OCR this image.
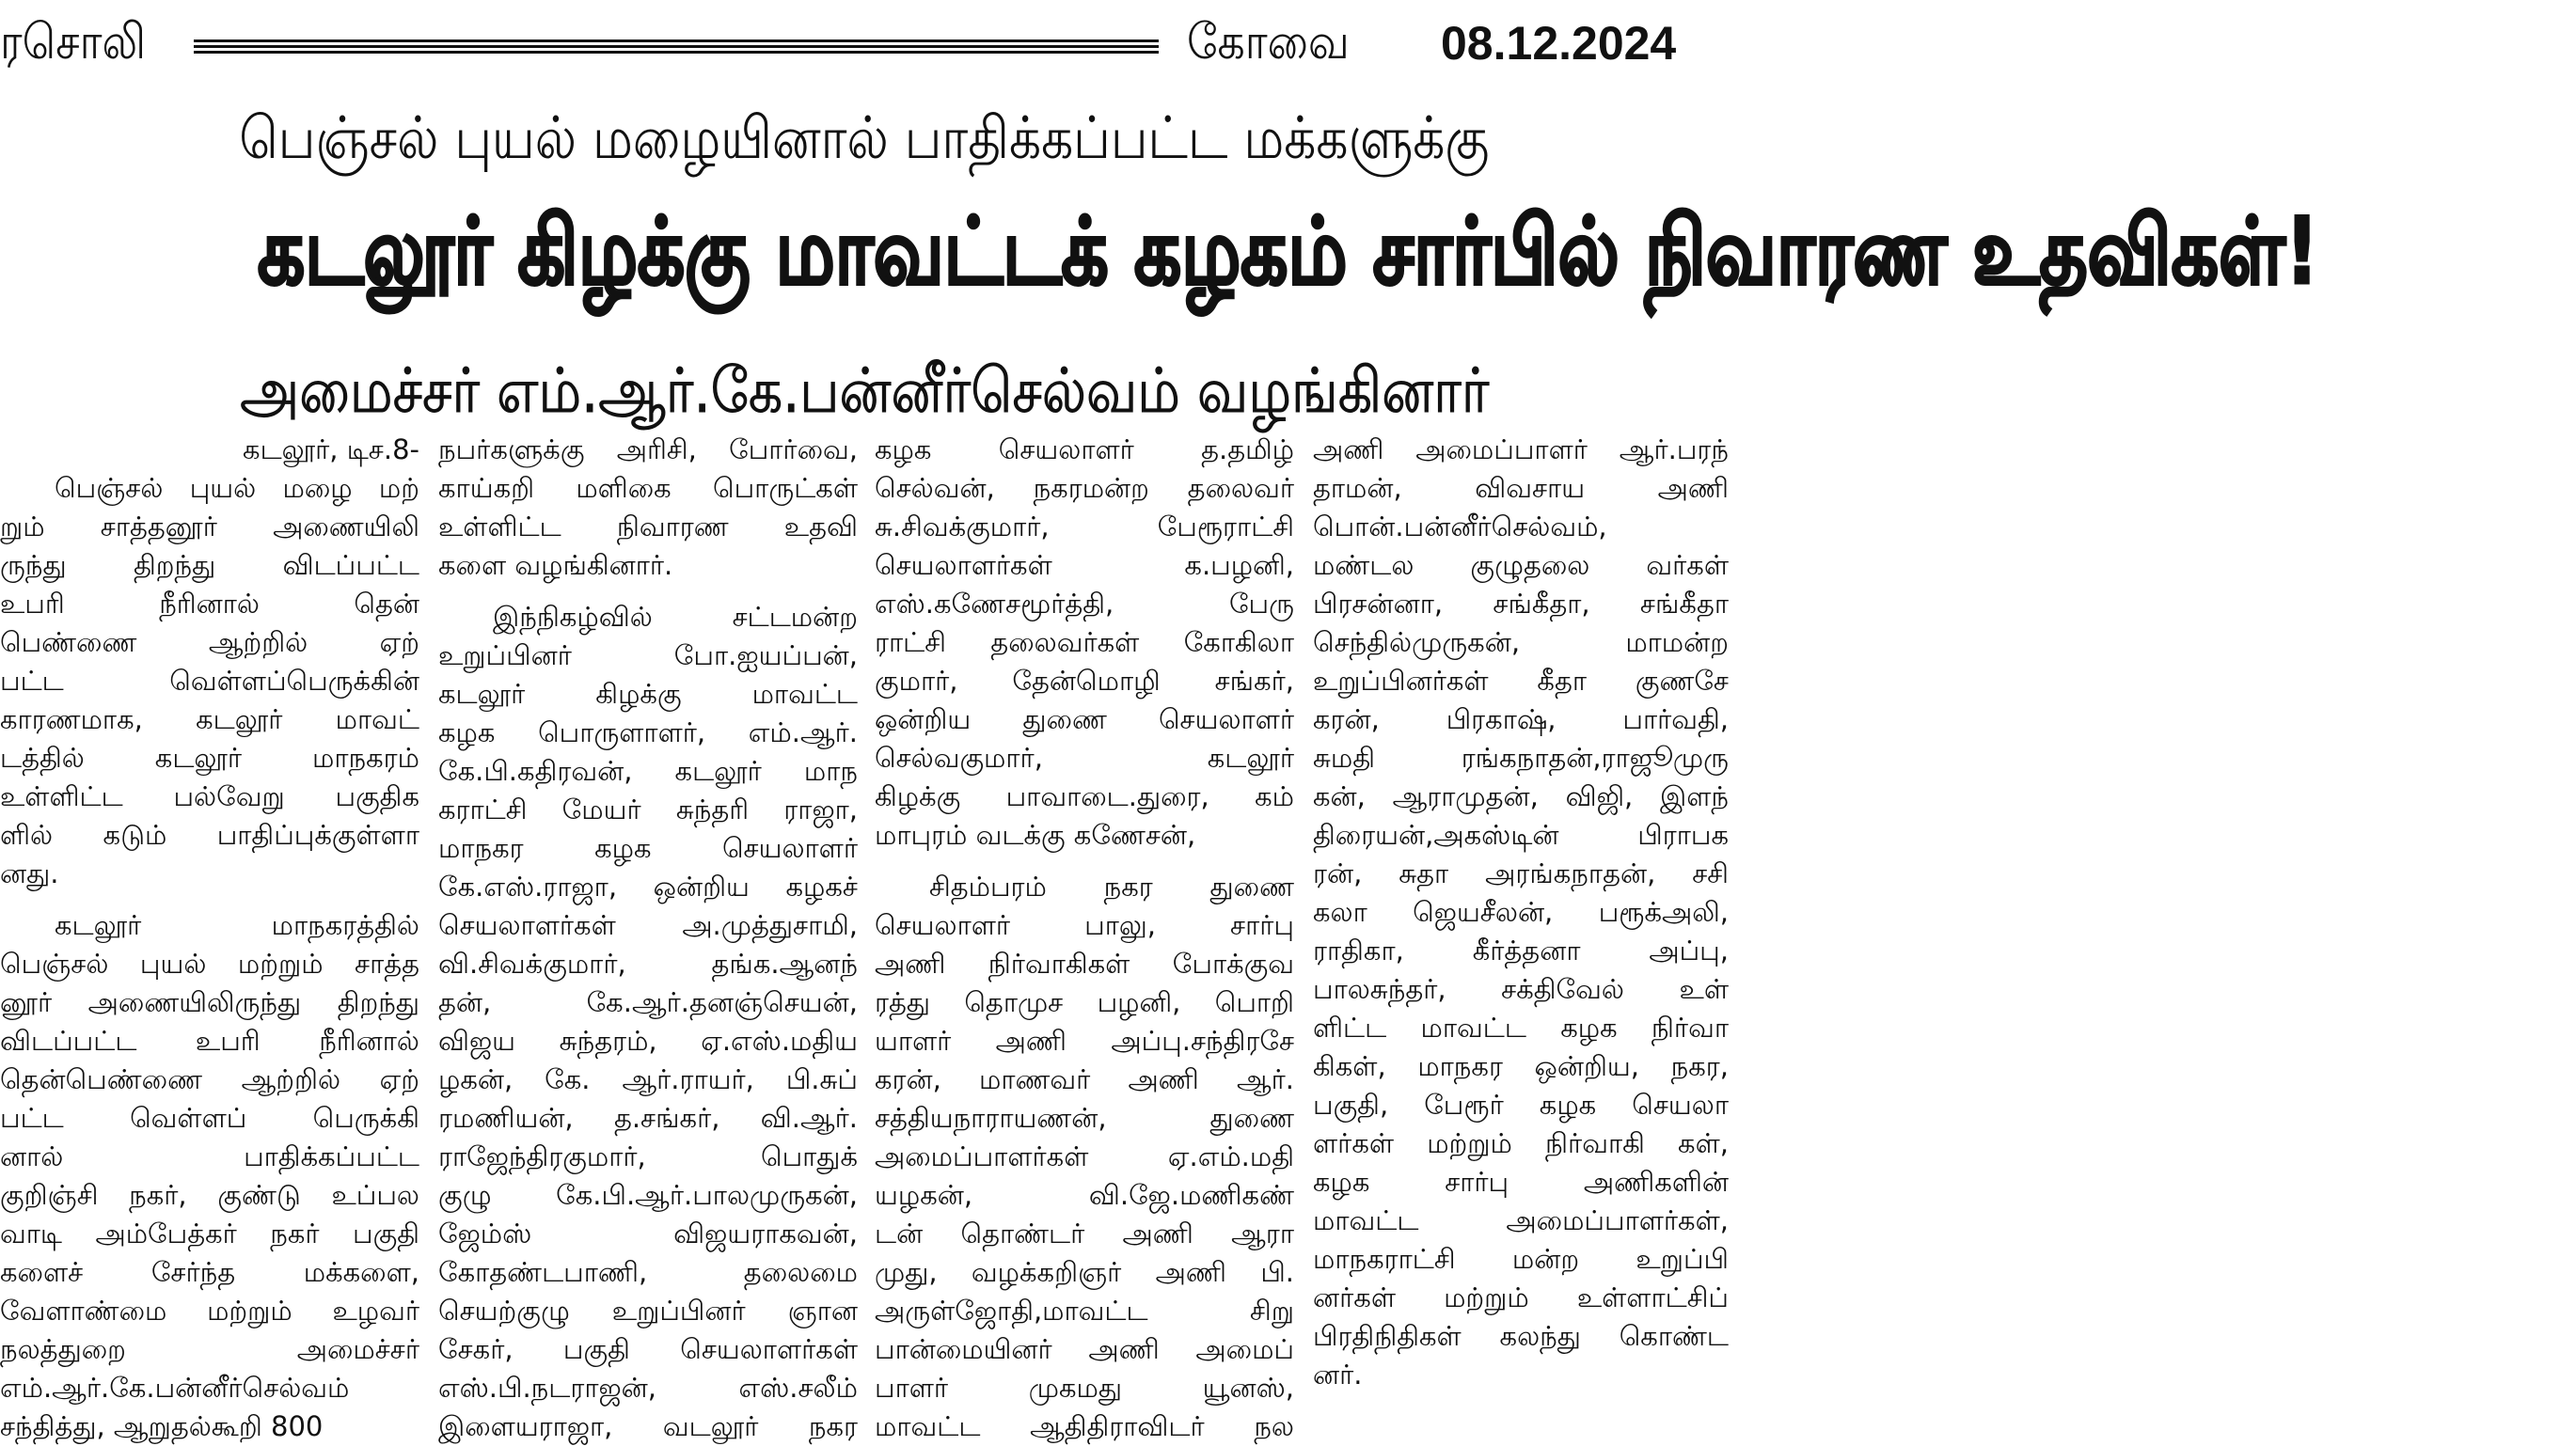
ரசொலி	கோவை 08.12.2024
பெஞ்சல் புயல் மழையினால் பாதிக்கப்பட்ட மக்களுக்கு
கடலூர் கிழக்கு மாவட்டக் கழகம் சார்பில் நிவாரண உதவிகள்!
அமைச்சர் எம்.ஆர்.கே.பன்னீர்செல்வம் வழங்கினார்
கடலூர், டிச.8-
பெஞ்சல் புயல் மழை மற்
றும் சாத்தனூர் அணையிலி
ருந்து திறந்து விடப்பட்ட
உபரி நீரினால் தென்
பெண்ணை ஆற்றில் ஏற்
பட்ட வெள்ளப்பெருக்கின்
காரணமாக, கடலூர் மாவட்
டத்தில் கடலூர் மாநகரம்
உள்ளிட்ட பல்வேறு பகுதிக
ளில் கடும் பாதிப்புக்குள்ளா
னது.
கடலூர் மாநகரத்தில்
பெஞ்சல் புயல் மற்றும் சாத்த
னூர் அணையிலிருந்து திறந்து
விடப்பட்ட உபரி நீரினால்
தென்பெண்ணை ஆற்றில் ஏற்
பட்ட வெள்ளப் பெருக்கி
னால் பாதிக்கப்பட்ட
குறிஞ்சி நகர், குண்டு உப்பல
வாடி அம்பேத்கர் நகர் பகுதி
களைச் சேர்ந்த மக்களை,
வேளாண்மை மற்றும் உழவர்
நலத்துறை அமைச்சர்
எம்.ஆர்.கே.பன்னீர்செல்வம்
சந்தித்து, ஆறுதல்கூறி 800
நபர்களுக்கு அரிசி, போர்வை,
காய்கறி மளிகை பொருட்கள்
உள்ளிட்ட நிவாரண உதவி
களை வழங்கினார்.
இந்நிகழ்வில் சட்டமன்ற
உறுப்பினர் போ.ஐயப்பன்,
கடலூர் கிழக்கு மாவட்ட
கழக பொருளாளர், எம்.ஆர்.
கே.பி.கதிரவன், கடலூர் மாந
கராட்சி மேயர் சுந்தரி ராஜா,
மாநகர கழக செயலாளர்
கே.எஸ்.ராஜா, ஒன்றிய கழகச்
செயலாளர்கள் அ.முத்துசாமி,
வி.சிவக்குமார், தங்க.ஆனந்
தன், கே.ஆர்.தனஞ்செயன்,
விஜய சுந்தரம், ஏ.எஸ்.மதிய
ழகன், கே. ஆர்.ராயர், பி.சுப்
ரமணியன், த.சங்கர், வி.ஆர்.
ராஜேந்திரகுமார், பொதுக்
குழு கே.பி.ஆர்.பாலமுருகன்,
ஜேம்ஸ் விஜயராகவன்,
கோதண்டபாணி, தலைமை
செயற்குழு உறுப்பினர் ஞான
சேகர், பகுதி செயலாளர்கள்
எஸ்.பி.நடராஜன், எஸ்.சலீம்
இளையராஜா, வடலூர் நகர
கழக செயலாளர் த.தமிழ்
செல்வன், நகரமன்ற தலைவர்
சு.சிவக்குமார், பேரூராட்சி
செயலாளர்கள் க.பழனி,
எஸ்.கணேசமூர்த்தி, பேரு
ராட்சி தலைவர்கள் கோகிலா
குமார், தேன்மொழி சங்கர்,
ஒன்றிய துணை செயலாளர்
செல்வகுமார், கடலூர்
கிழக்கு பாவாடை.துரை, கம்
மாபுரம் வடக்கு கணேசன்,
சிதம்பரம் நகர துணை
செயலாளர் பாலு, சார்பு
அணி நிர்வாகிகள் போக்குவ
ரத்து தொமுச பழனி, பொறி
யாளர் அணி அப்பு.சந்திரசே
கரன், மாணவர் அணி ஆர்.
சத்தியநாராயணன், துணை
அமைப்பாளர்கள் ஏ.எம்.மதி
யழகன், வி.ஜே.மணிகண்
டன் தொண்டர் அணி ஆரா
முது, வழக்கறிஞர் அணி பி.
அருள்ஜோதி,மாவட்ட சிறு
பான்மையினர் அணி அமைப்
பாளர் முகமது யூனஸ்,
மாவட்ட ஆதிதிராவிடர் நல
அணி அமைப்பாளர் ஆர்.பரந்
தாமன், விவசாய அணி
பொன்.பன்னீர்செல்வம்,
மண்டல குழுதலை வர்கள்
பிரசன்னா, சங்கீதா, சங்கீதா
செந்தில்முருகன், மாமன்ற
உறுப்பினர்கள் கீதா குணசே
கரன், பிரகாஷ், பார்வதி,
சுமதி ரங்கநாதன்,ராஜூமுரு
கன், ஆராமுதன், விஜி, இளந்
திரையன்,அகஸ்டின் பிராபக
ரன், சுதா அரங்கநாதன், சசி
கலா ஜெயசீலன், பரூக்அலி,
ராதிகா, கீர்த்தனா அப்பு,
பாலசுந்தர், சக்திவேல் உள்
ளிட்ட மாவட்ட கழக நிர்வா
கிகள், மாநகர ஒன்றிய, நகர,
பகுதி, பேரூர் கழக செயலா
ளர்கள் மற்றும் நிர்வாகி கள்,
கழக சார்பு அணிகளின்
மாவட்ட அமைப்பாளர்கள்,
மாநகராட்சி மன்ற உறுப்பி
னர்கள் மற்றும் உள்ளாட்சிப்
பிரதிநிதிகள் கலந்து கொண்ட
னர்.
